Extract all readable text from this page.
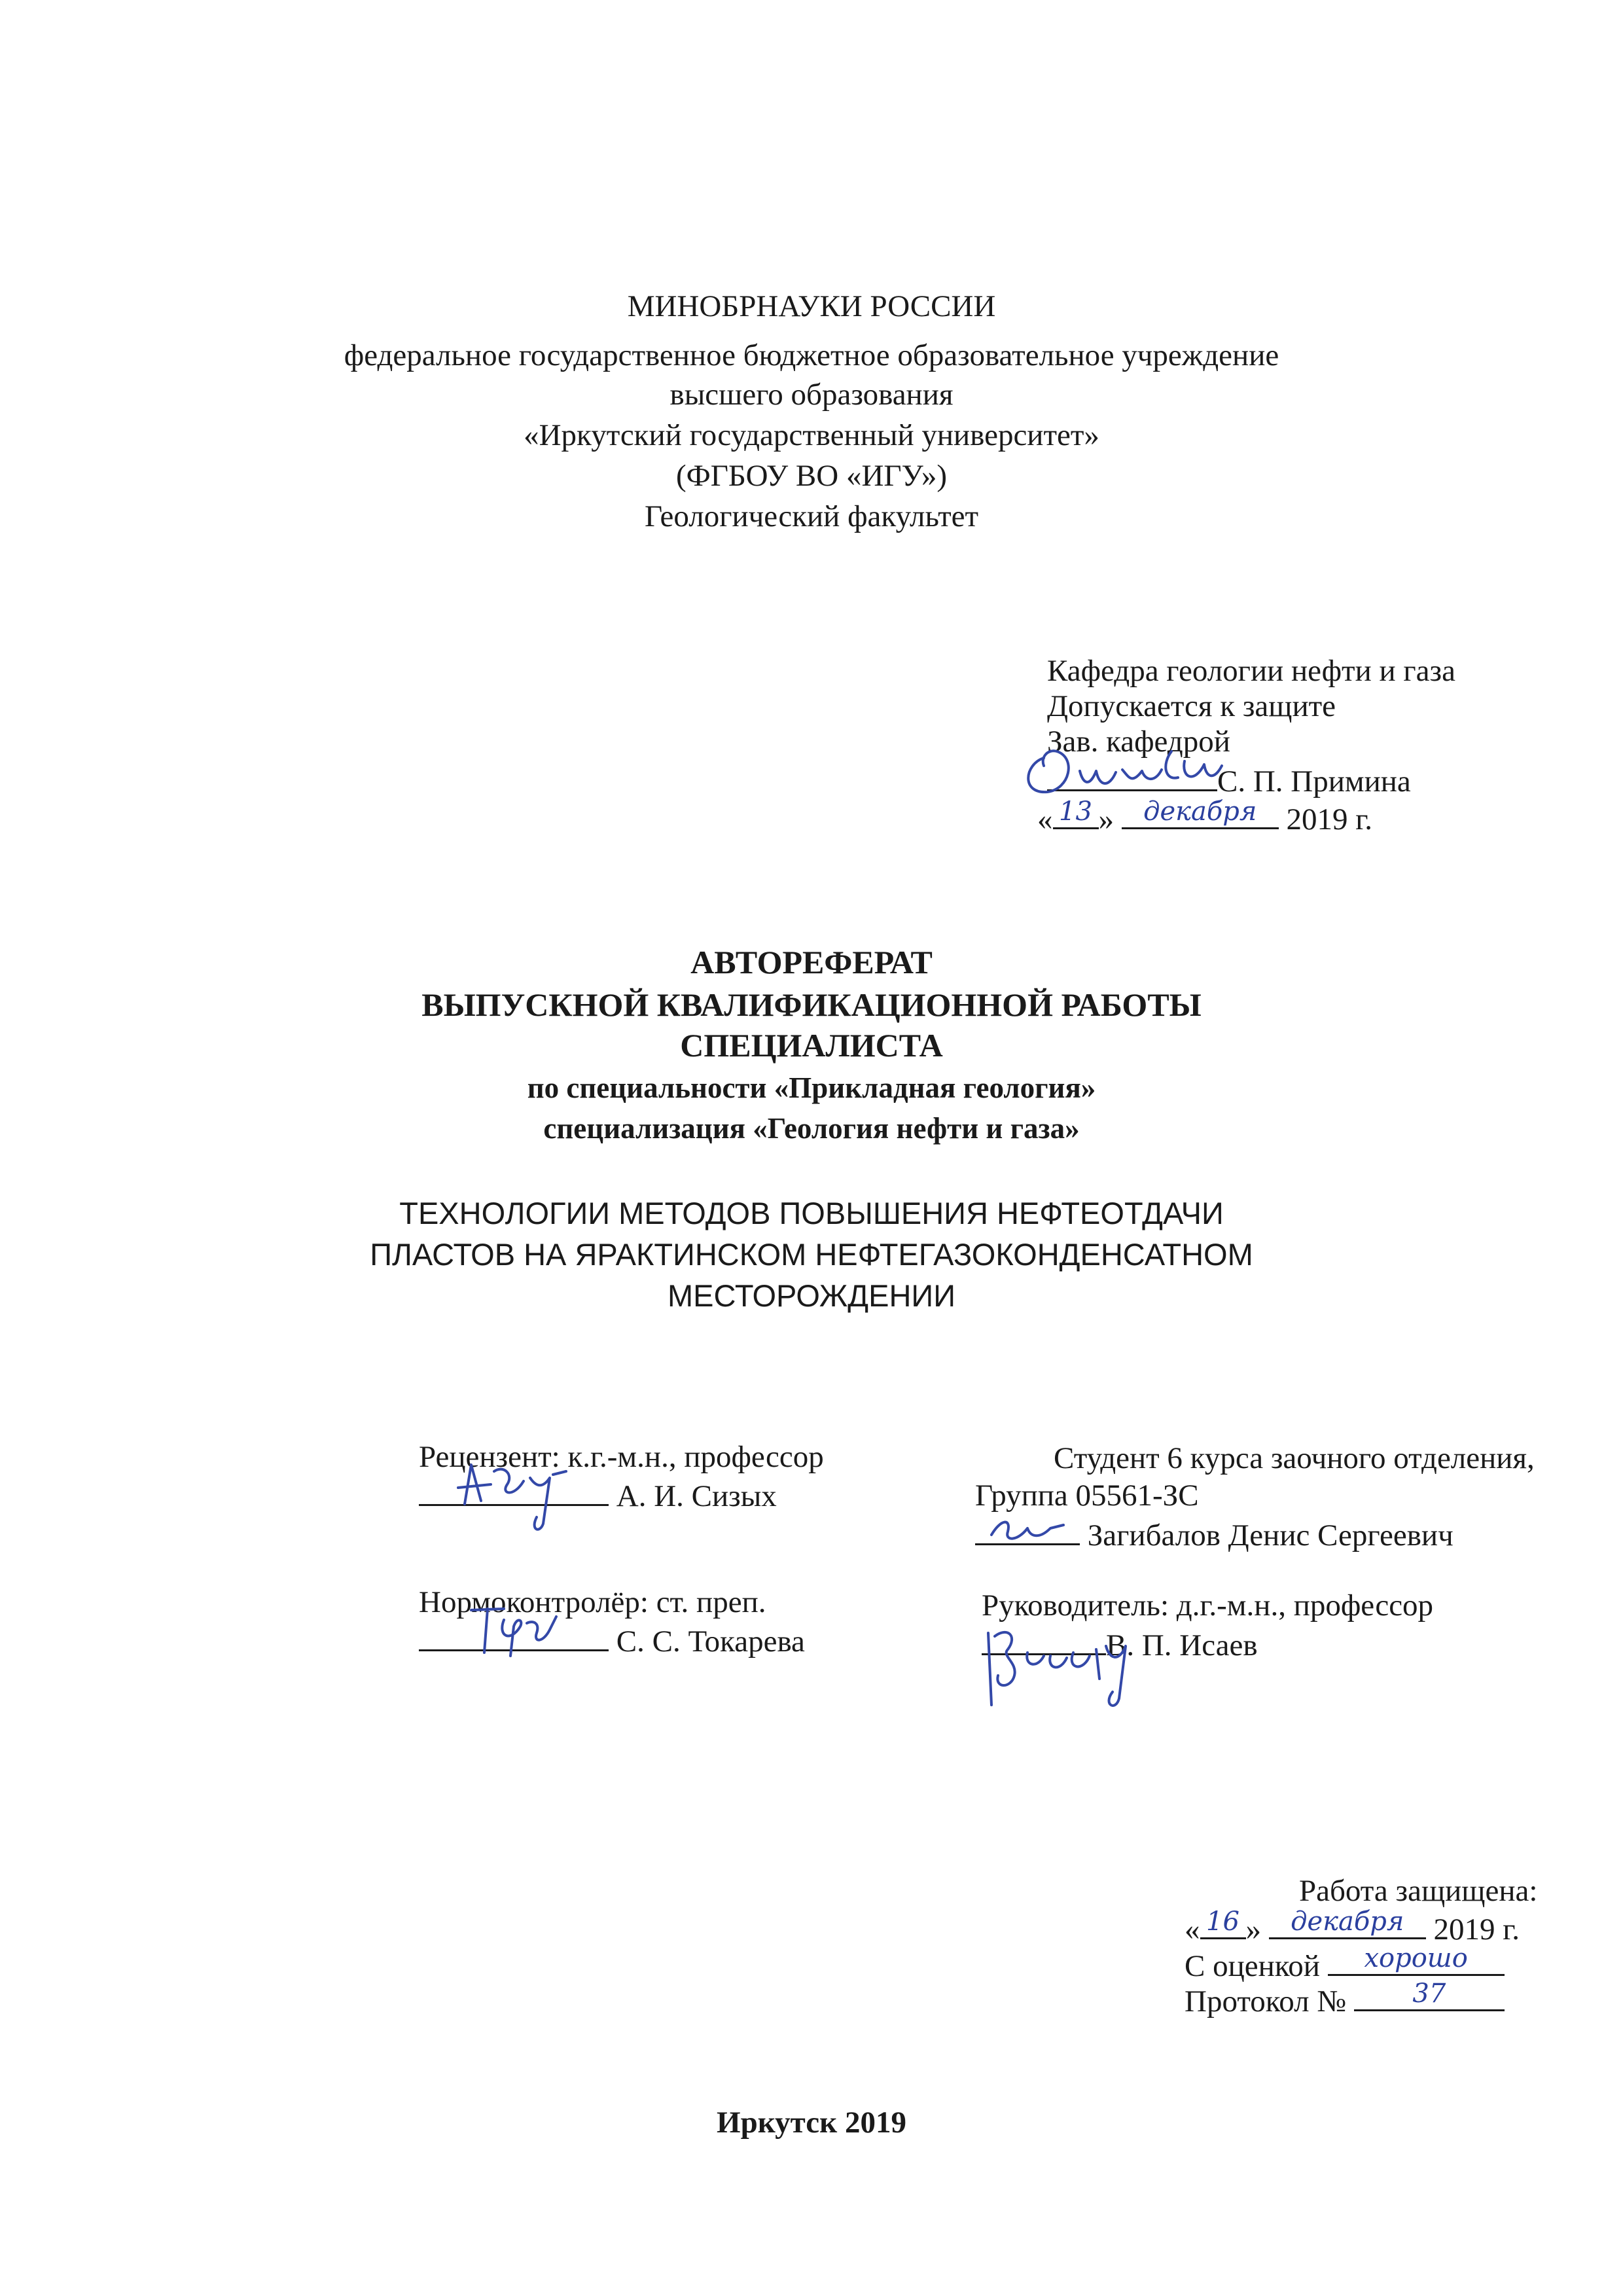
МИНОБРНАУКИ РОССИИ
федеральное государственное бюджетное образовательное учреждение
высшего образования
«Иркутский государственный университет»
(ФГБОУ ВО «ИГУ»)
Геологический факультет
Кафедра геологии нефти и газа
Допускается к защите
Зав. кафедрой
С. П. Примина
« 13 »	декабря 2019 г.
АВТОРЕФЕРАТ
ВЫПУСКНОЙ КВАЛИФИКАЦИОННОЙ РАБОТЫ
СПЕЦИАЛИСТА
по специальности «Прикладная геология»
специализация «Геология нефти и газа»
ТЕХНОЛОГИИ МЕТОДОВ ПОВЫШЕНИЯ НЕФТЕОТДАЧИ
ПЛАСТОВ НА ЯРАКТИНСКОМ НЕФТЕГАЗОКОНДЕНСАТНОМ
МЕСТОРОЖДЕНИИ
Рецензент: к.г.-м.н., профессор
А. И. Сизых
Нормоконтролёр: ст. преп.
С. С. Токарева
Студент 6 курса заочного отделения,
Группа 05561-ЗС
Загибалов Денис Сергеевич
Руководитель: д.г.-м.н., профессор
В. П. Исаев
Работа защищена:
« 16 »	декабря 2019 г.
С оценкой	хорошо
Протокол №	37
Иркутск 2019
